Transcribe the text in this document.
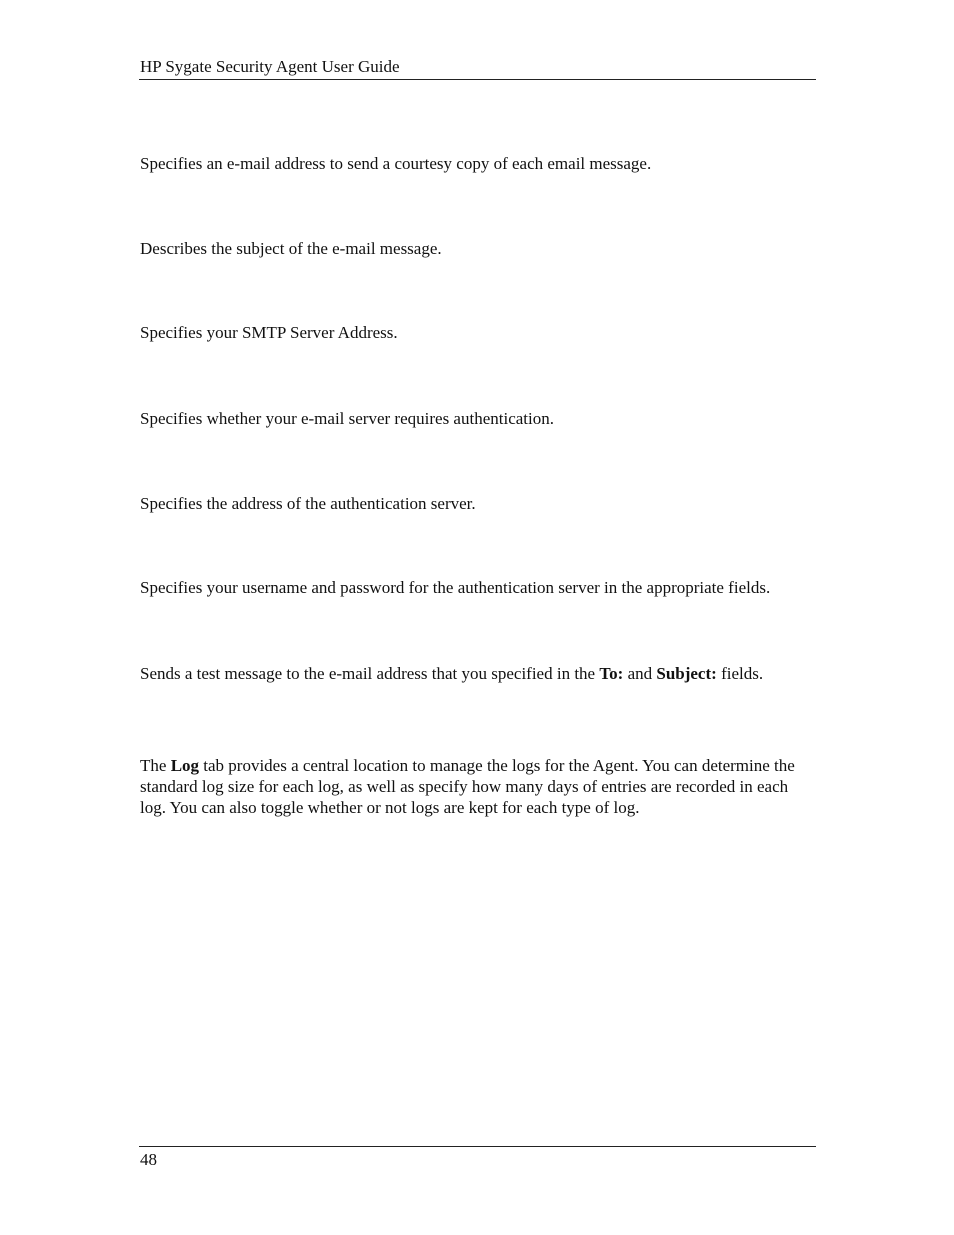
HP Sygate Security Agent User Guide

Specifies an e-mail address to send a courtesy copy of each email message.

Describes the subject of the e-mail message.

Specifies your SMTP Server Address.

Specifies whether your e-mail server requires authentication.

Specifies the address of the authentication server.

Specifies your username and password for the authentication server in the appropriate fields.

Sends a test message to the e-mail address that you specified in the To: and Subject: fields.

The Log tab provides a central location to manage the logs for the Agent. You can determine the standard log size for each log, as well as specify how many days of entries are recorded in each log. You can also toggle whether or not logs are kept for each type of log.

48
